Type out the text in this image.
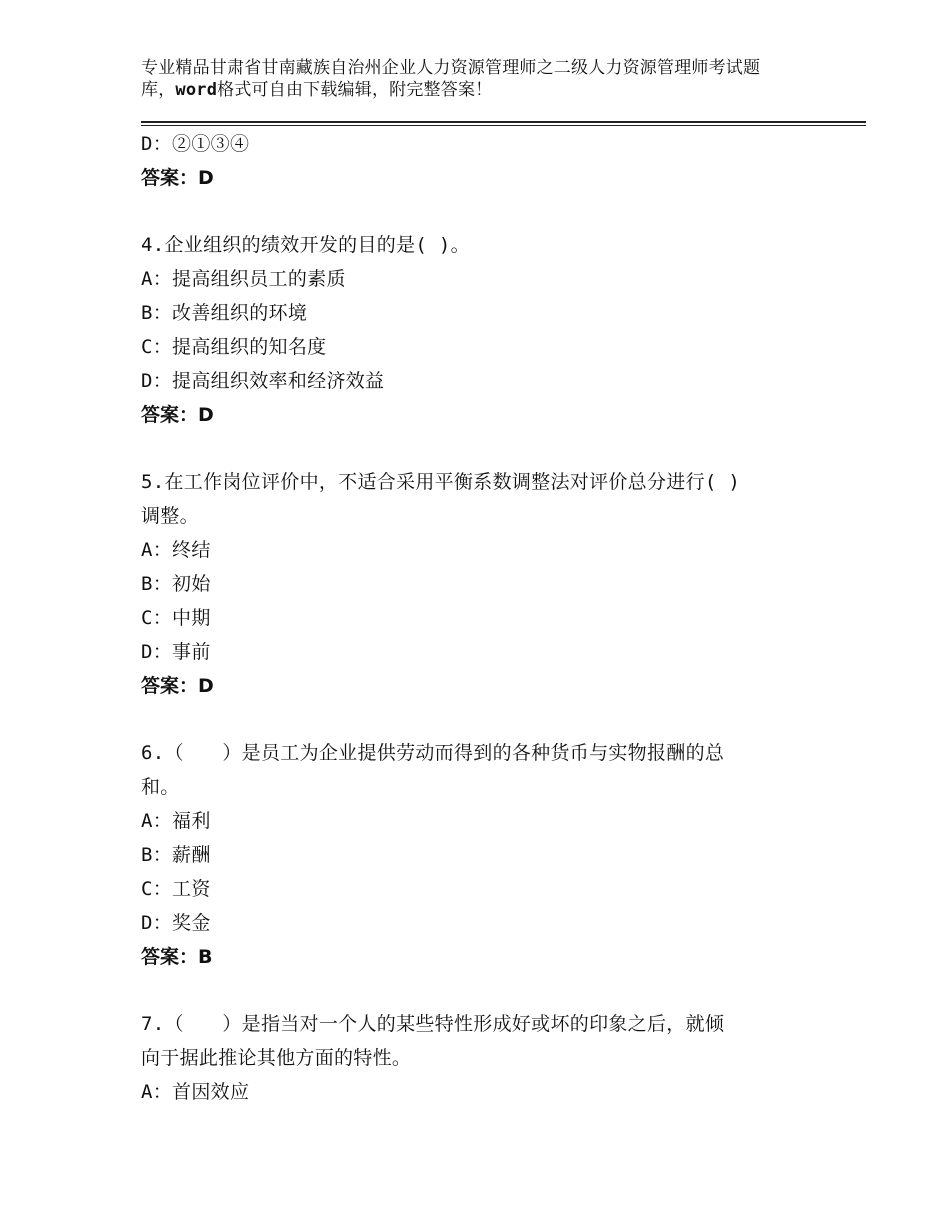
专业精品甘肃省甘南藏族自治州企业人力资源管理师之二级人力资源管理师考试题
库，word格式可自由下载编辑，附完整答案！
D：②①③④
答案：D
4.企业组织的绩效开发的目的是( )。
A：提高组织员工的素质
B：改善组织的环境
C：提高组织的知名度
D：提高组织效率和经济效益
答案：D
5.在工作岗位评价中，不适合采用平衡系数调整法对评价总分进行( )
调整。
A：终结
B：初始
C：中期
D：事前
答案：D
6.（　　）是员工为企业提供劳动而得到的各种货币与实物报酬的总
和。
A：福利
B：薪酬
C：工资
D：奖金
答案：B
7.（　　）是指当对一个人的某些特性形成好或坏的印象之后，就倾
向于据此推论其他方面的特性。
A：首因效应
